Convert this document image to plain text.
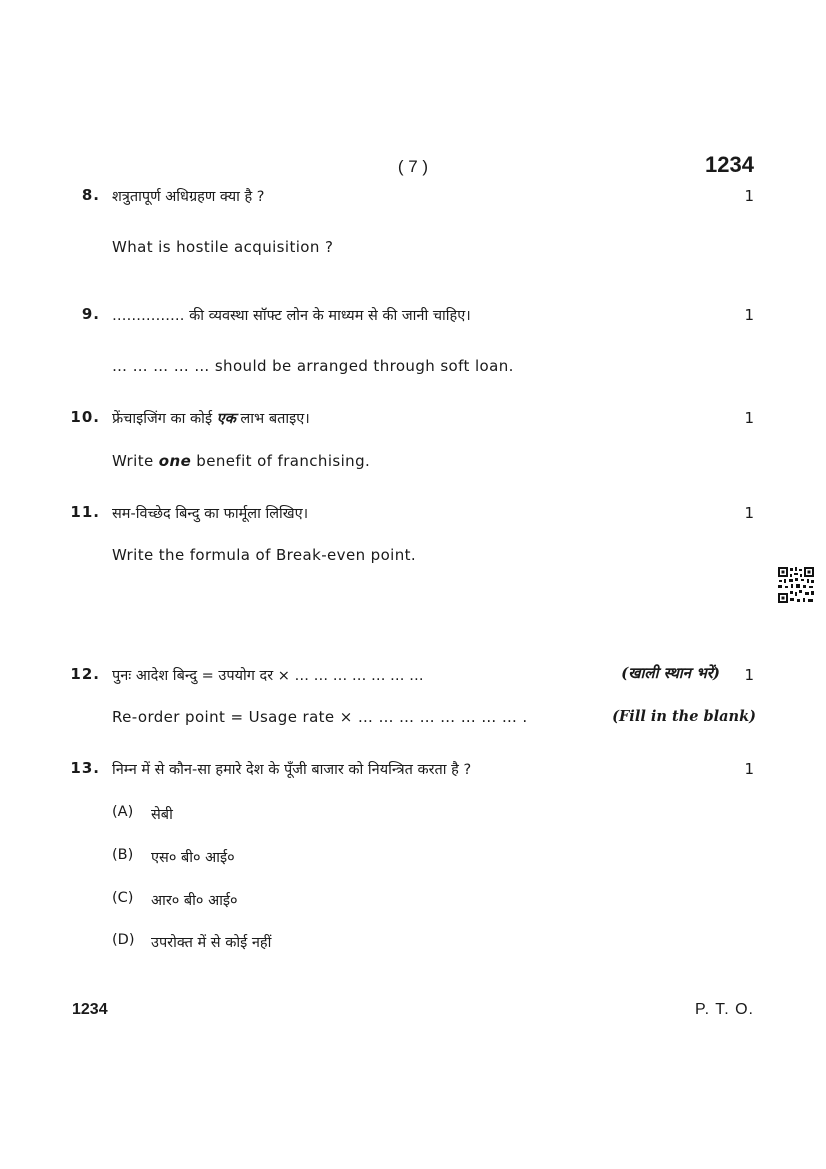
( 7 )	1234
8. शत्रुतापूर्ण अधिग्रहण क्या है ?	1
What is hostile acquisition ?
9. …………… की व्यवस्था सॉफ्ट लोन के माध्यम से की जानी चाहिए।	1
… … … … … should be arranged through soft loan.
10. फ्रेंचाइजिंग का कोई एक लाभ बताइए।	1
Write one benefit of franchising.
11. सम-विच्छेद बिन्दु का फार्मूला लिखिए।	1
Write the formula of Break-even point.
12. पुनः आदेश बिन्दु = उपयोग दर × … … … … … … …	(खाली स्थान भरें)	1
Re-order point = Usage rate × … … … … … … … … .	(Fill in the blank)
13. निम्न में से कौन-सा हमारे देश के पूँजी बाजार को नियन्त्रित करता है ?	1
(A) सेबी
(B) एस० बी० आई०
(C) आर० बी० आई०
(D) उपरोक्त में से कोई नहीं
1234	P. T. O.
